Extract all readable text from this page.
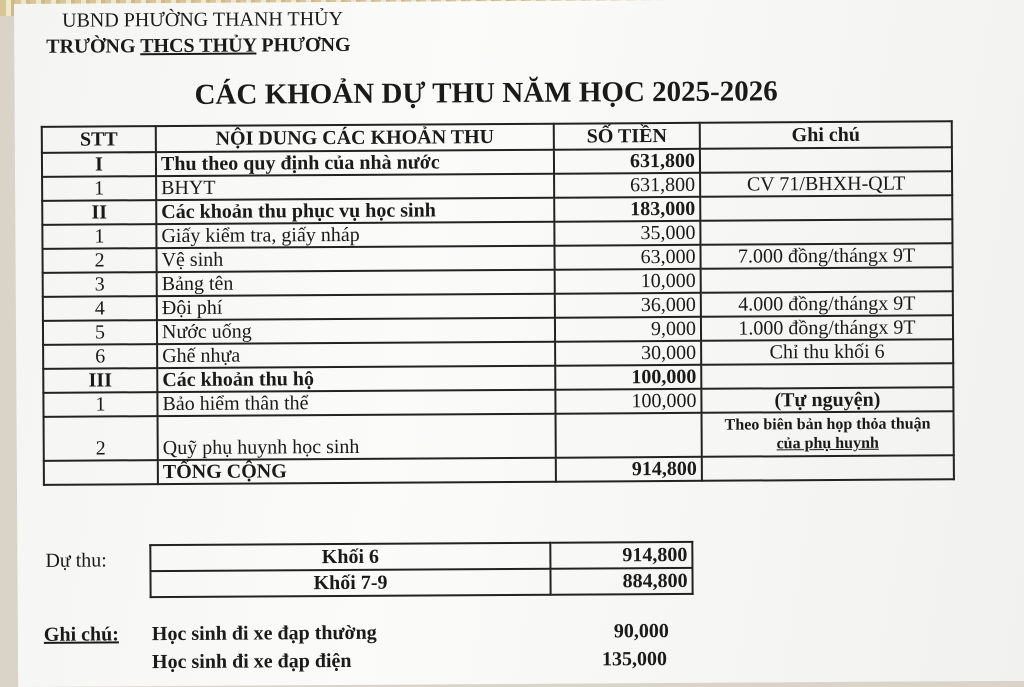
UBND PHƯỜNG THANH THỦY
TRƯỜNG THCS THỦY PHƯƠNG
CÁC KHOẢN DỰ THU NĂM HỌC 2025-2026
STT	NỘI DUNG CÁC KHOẢN THU	SỐ TIỀN	Ghi chú
I	Thu theo quy định của nhà nước	631,800	
1	BHYT	631,800	CV 71/BHXH-QLT
II	Các khoản thu phục vụ học sinh	183,000	
1	Giấy kiểm tra, giấy nháp	35,000	
2	Vệ sinh	63,000	7.000 đồng/thángx 9T
3	Bảng tên	10,000	
4	Đội phí	36,000	4.000 đồng/thángx 9T
5	Nước uống	9,000	1.000 đồng/thángx 9T
6	Ghế nhựa	30,000	Chỉ thu khối 6
III	Các khoản thu hộ	100,000	
1	Bảo hiểm thân thể	100,000	(Tự nguyện)
2	Quỹ phụ huynh học sinh		Theo biên bản họp thỏa thuận
của phụ huynh

	TỔNG CỘNG	914,800	
Dự thu:	Khối 6	914,800
Khối 7-9	884,800
Ghi chú: Học sinh đi xe đạp thường	90,000
Học sinh đi xe đạp điện	135,000
